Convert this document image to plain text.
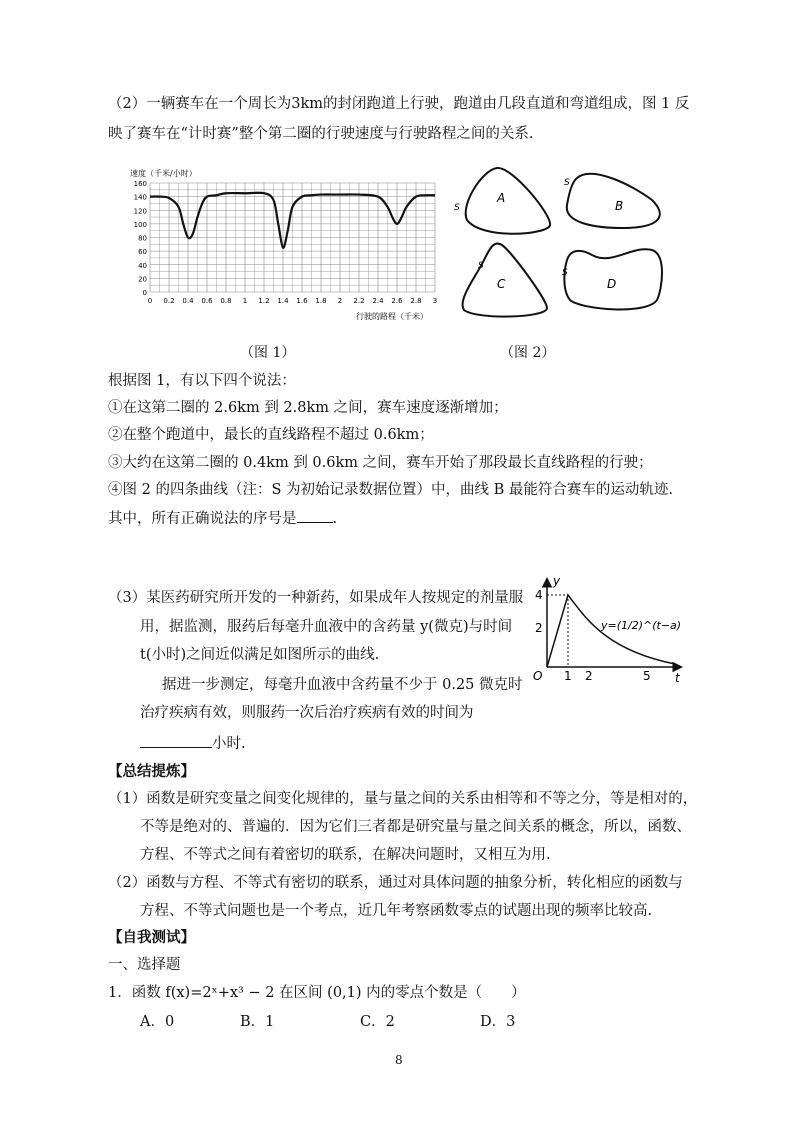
（2）一辆赛车在一个周长为3km的封闭跑道上行驶，跑道由几段直道和弯道组成，图 1 反
映了赛车在“计时赛”整个第二圈的行驶速度与行驶路程之间的关系.
速度（千米/小时）
0
20
40
60
80
100
120
140
160
0 0.2 0.4 0.6 0.8 1 1.2 1.4 1.6 1.8 2 2.2 2.4 2.6 2.8 3
行驶的路程（千米）
A
S	B
S
C
S
D
S
（图 1）	（图 2）
根据图 1，有以下四个说法：
①在这第二圈的 2.6km 到 2.8km 之间，赛车速度逐渐增加；
②在整个跑道中，最长的直线路程不超过 0.6km；
③大约在这第二圈的 0.4km 到 0.6km 之间，赛车开始了那段最长直线路程的行驶；
④图 2 的四条曲线（注：S 为初始记录数据位置）中，曲线 B 最能符合赛车的运动轨迹.
其中，所有正确说法的序号是 .
（3）某医药研究所开发的一种新药，如果成年人按规定的剂量服
用，据监测，服药后每毫升血液中的含药量 y(微克)与时间
t(小时)之间近似满足如图所示的曲线.
据进一步测定，每毫升血液中含药量不少于 0.25 微克时
治疗疾病有效，则服药一次后治疗疾病有效的时间为
小时.
y
t
O
4
2
1 2	5
y=(1/2)^(t−a)
【总结提炼】
（1）函数是研究变量之间变化规律的，量与量之间的关系由相等和不等之分，等是相对的，
不等是绝对的、普遍的．因为它们三者都是研究量与量之间关系的概念，所以，函数、
方程、不等式之间有着密切的联系，在解决问题时，又相互为用.
（2）函数与方程、不等式有密切的联系，通过对具体问题的抽象分析，转化相应的函数与
方程、不等式问题也是一个考点，近几年考察函数零点的试题出现的频率比较高.
【自我测试】
一、选择题
1．函数 f(x)=2ˣ+x³ − 2 在区间 (0,1) 内的零点个数是（　　）
A．0	B．1	C．2	D．3
8
